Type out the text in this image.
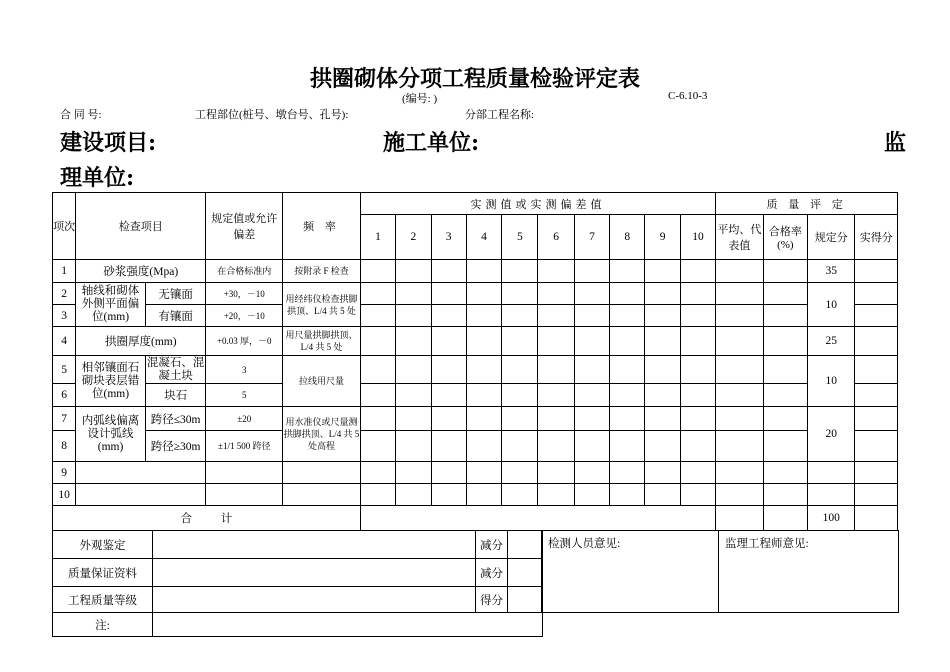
拱圈砌体分项工程质量检验评定表
(编号: )	C-6.10-3
合 同 号:	工程部位(桩号、墩台号、孔号):	分部工程名称:
建设项目:	施工单位:	监
理单位:
项次	检查项目		规定值或允许偏差	频 率	实测值或实测偏差值										质 量 评 定			
					1	2	3	4	5	6	7	8	9	10	平均、代表值	合格率(%)	规定分	实得分
1	砂浆强度(Mpa)		在合格标准内	按附录 F 检查													35	
2	轴线和砌体外侧平面偏位(mm)	无镶面	+30，－10	用经纬仪检查拱脚拱顶、L/4 共 5 处													10	
3		有镶面	+20，－10															
4	拱圈厚度(mm)		+0.03 厚，－0	用尺量拱脚拱顶、L/4 共 5 处													25	
5	相邻镶面石砌块表层错位(mm)	混凝石、混凝土块	3	拉线用尺量													10	
6		块石	5															
7	内弧线偏离设计弧线(mm)	跨径≤30m	±20	用水准仪或尺量测拱脚拱顶、L/4 共 5 处高程													20	
8		跨径≥30m	±1/1 500 跨径															
9																		
10																		
合          计																	100	
外观鉴定		减分	
质量保证资料		减分	
工程质量等级		得分	
注:			
检测人员意见:	监理工程师意见:
